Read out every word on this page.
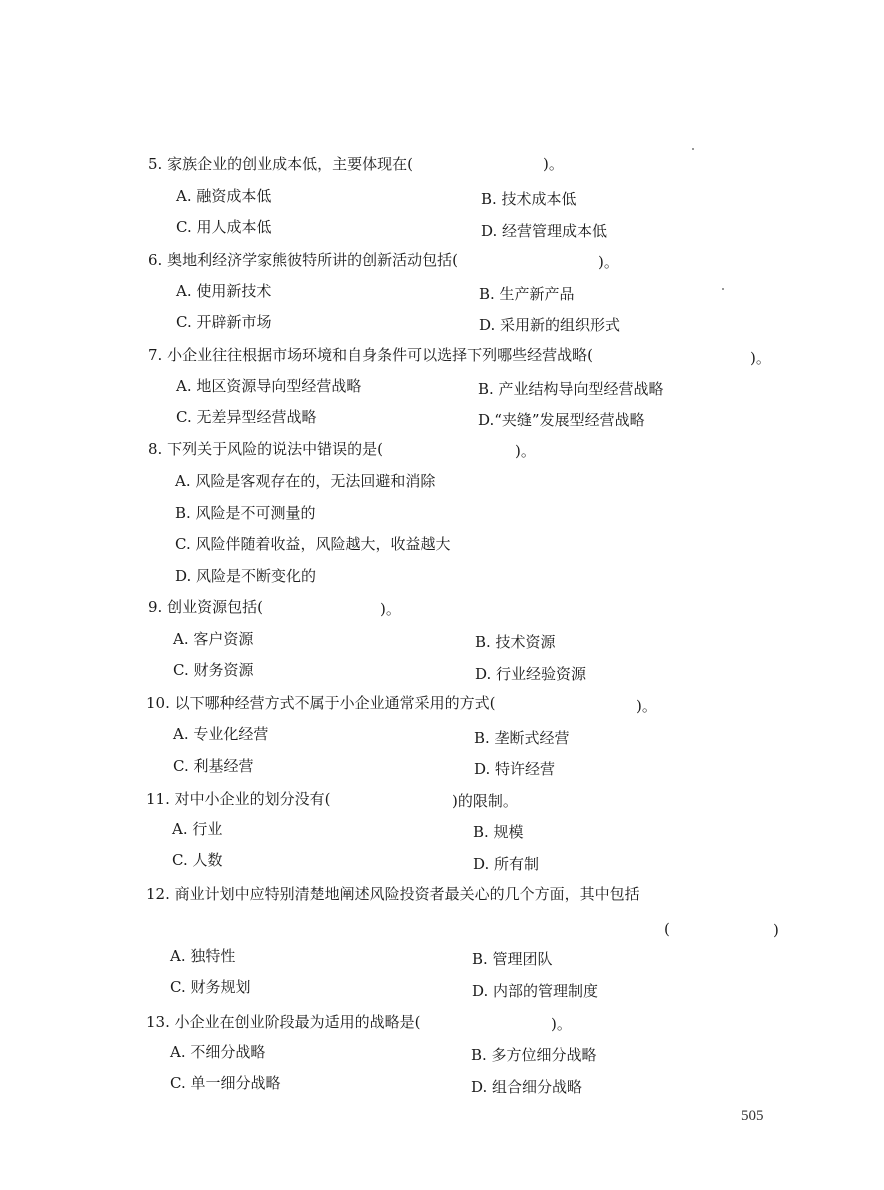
5. 家族企业的创业成本低，主要体现在(	)。
A. 融资成本低	B. 技术成本低
C. 用人成本低	D. 经营管理成本低
6. 奥地利经济学家熊彼特所讲的创新活动包括(	)。
A. 使用新技术	B. 生产新产品
C. 开辟新市场	D. 采用新的组织形式
7. 小企业往往根据市场环境和自身条件可以选择下列哪些经营战略(	)。
A. 地区资源导向型经营战略	B. 产业结构导向型经营战略
C. 无差异型经营战略	D.“夹缝”发展型经营战略
8. 下列关于风险的说法中错误的是(	)。
A. 风险是客观存在的，无法回避和消除
B. 风险是不可测量的
C. 风险伴随着收益，风险越大，收益越大
D. 风险是不断变化的
9. 创业资源包括(	)。
A. 客户资源	B. 技术资源
C. 财务资源	D. 行业经验资源
10. 以下哪种经营方式不属于小企业通常采用的方式(	)。
A. 专业化经营	B. 垄断式经营
C. 利基经营	D. 特许经营
11. 对中小企业的划分没有(	)的限制。
A. 行业	B. 规模
C. 人数	D. 所有制
12. 商业计划中应特别清楚地阐述风险投资者最关心的几个方面，其中包括
(	)
A. 独特性	B. 管理团队
C. 财务规划	D. 内部的管理制度
13. 小企业在创业阶段最为适用的战略是(	)。
A. 不细分战略	B. 多方位细分战略
C. 单一细分战略	D. 组合细分战略
505
